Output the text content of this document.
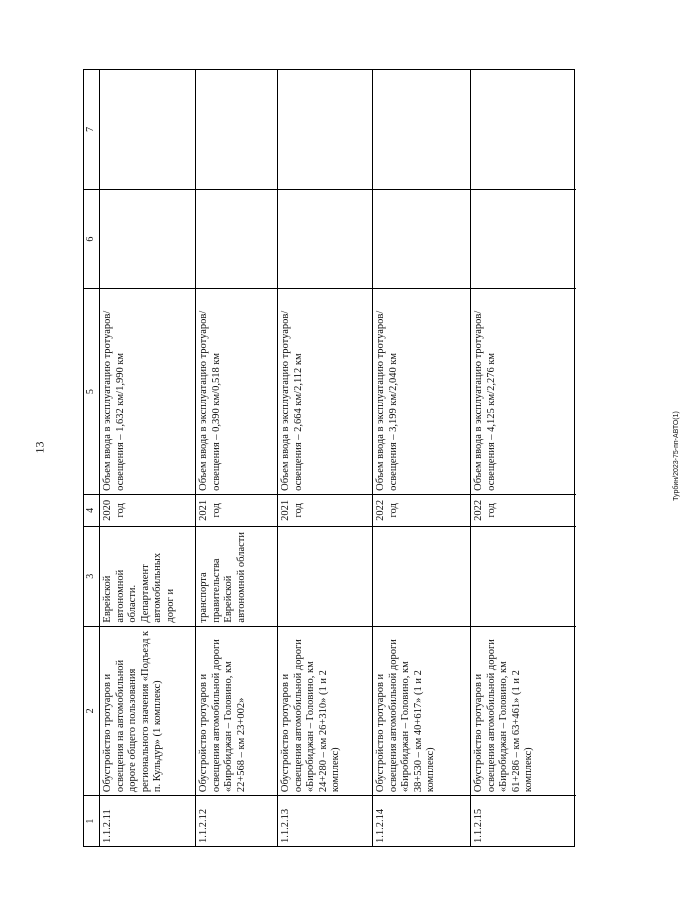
13
1
2
3
4
5
6
7
1.1.2.11
Обустройство тротуаров и освещения на автомобильной дороге общего пользования регионального значения «Подъезд к п. Кульдур» (1 комплекс)
Еврейской автономной области. Департамент автомобильных дорог и
2020 год
Объем ввода в эксплуатацию тротуаров/освещения – 1,632 км/1,990 км
1.1.2.12
Обустройство тротуаров и освещения автомобильной дороги «Биробиджан – Головино, км 22+568 – км 23+002»
транспорта правительства Еврейской автономной области
2021 год
Объем ввода в эксплуатацию тротуаров/освещения – 0,390 км/0,518 км
1.1.2.13
Обустройство тротуаров и освещения автомобильной дороги «Биробиджан – Головино, км 24+280 – км 26+310» (1 и 2 комплекс)
2021 год
Объем ввода в эксплуатацию тротуаров/освещения – 2,664 км/2,112 км
1.1.2.14
Обустройство тротуаров и освещения автомобильной дороги «Биробиджан – Головино, км 38+530 – км 40+617» (1 и 2 комплекс)
2022 год
Объем ввода в эксплуатацию тротуаров/освещения – 3,199 км/2,040 км
1.1.2.15
Обустройство тротуаров и освещения автомобильной дороги «Биробиджан – Головино, км 61+286 – км 63+461» (1 и 2 комплекс)
2022 год
Объем ввода в эксплуатацию тротуаров/освещения – 4,125 км/2,276 км	Турбин/2023-75-пп-АВТО(1)
